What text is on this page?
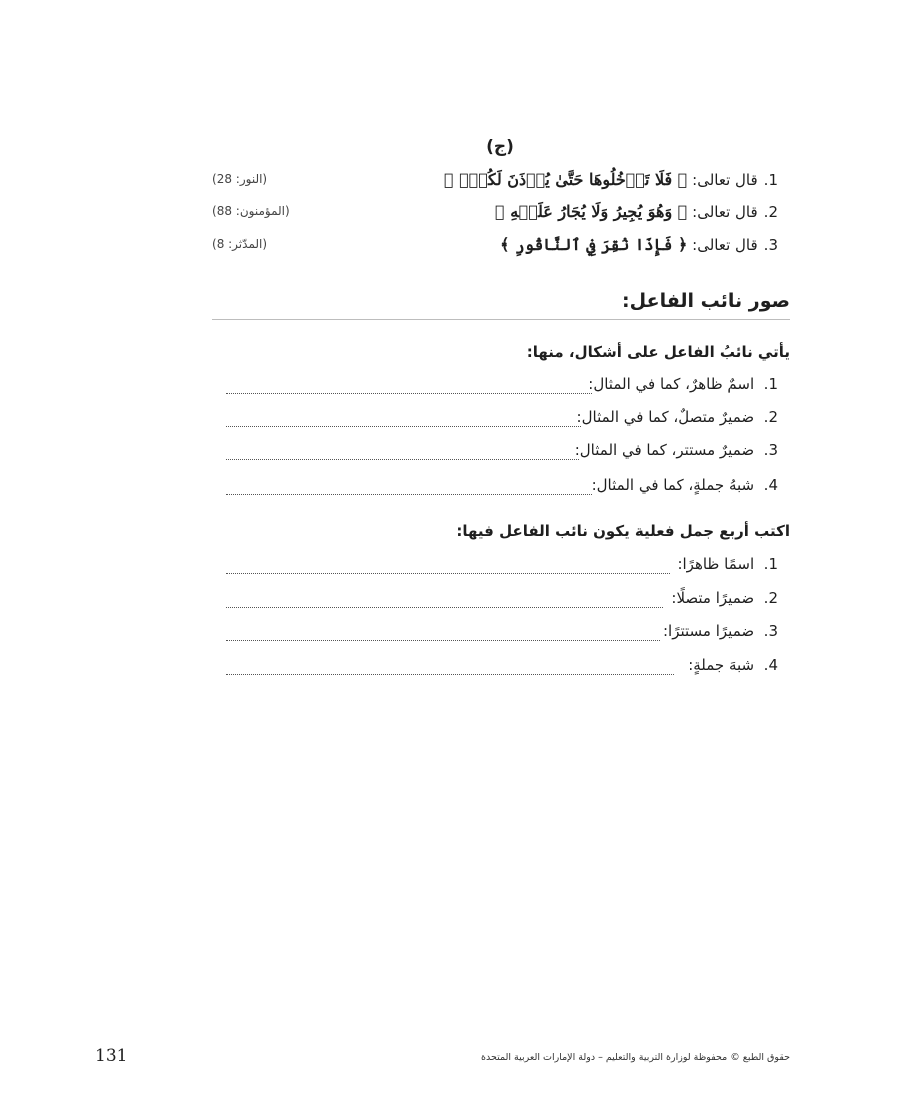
(ج)
1.قال تعالى: ﴿ فَلَا تَدۡخُلُوهَا حَتَّىٰ يُؤۡذَنَ لَكُمۡۖ ﴾
(النور: 28)
2.قال تعالى: ﴿ وَهُوَ يُجِيرُ وَلَا يُجَارُ عَلَيۡهِ ﴾
(المؤمنون: 88)
3.قال تعالى: ﴿ فَإِذَا نُقِرَ فِي ٱلنَّاقُورِ ﴾
(المدّثر: 8)
صور نائب الفاعل:
يأتي نائبُ الفاعل على أشكال، منها:
1.  اسمٌ ظاهرٌ، كما في المثال:
2.  ضميرٌ متصلٌ، كما في المثال:
3.  ضميرٌ مستتر، كما في المثال:
4.  شبهُ جملةٍ، كما في المثال:
اكتب أربع جمل فعلية يكون نائب الفاعل فيها:
1.  اسمًا ظاهرًا:
2.  ضميرًا متصلًا:
3.  ضميرًا مستترًا:
4.  شبهَ جملةٍ:
حقوق الطبع © محفوظة لوزارة التربية والتعليم – دولة الإمارات العربية المتحدة
131
